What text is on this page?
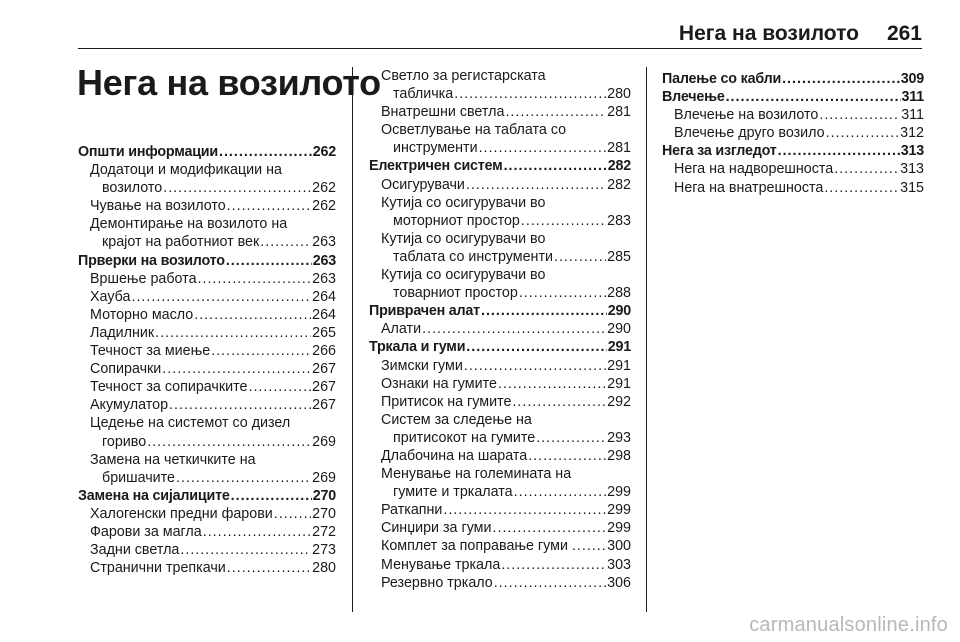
Нега на возилото 261
Нега на возилото
Општи информации .....	262
Додатоци и модификации на
возилото .....	262
Чување на возилото .....	262
Демонтирање на возилото на
крајот на работниот век .....	263
Прверки на возилото .....	263
Вршење работа .....	263
Хауба .....	264
Моторно масло .....	264
Ладилник .....	265
Течност за миење .....	266
Сопирачки .....	267
Течност за сопирачките .....	267
Акумулатор .....	267
Цедење на системот со дизел
гориво .....	269
Замена на четкичките на
бришачите .....	269
Замена на сијалиците .....	270
Халогенски предни фарови .....	270
Фарови за магла .....	272
Задни светла .....	273
Странични трепкачи .....	280
Светло за регистарската
табличка .....	280
Внатрешни светла .....	281
Осветлување на таблата со
инструменти .....	281
Електричен систем .....	282
Осигурувачи .....	282
Кутија со осигурувачи во
моторниот простор .....	283
Кутија со осигурувачи во
таблата со инструменти .....	285
Кутија со осигурувачи во
товарниот простор .....	288
Приврачен алат .....	290
Алати .....	290
Тркала и гуми .....	291
Зимски гуми .....	291
Ознаки на гумите .....	291
Притисок на гумите .....	292
Систем за следење на
притисокот на гумите .....	293
Длабочина на шарата .....	298
Менување на големината на
гумите и тркалата .....	299
Раткапни .....	299
Синџири за гуми .....	299
Комплет за поправање гуми . ..... 300
Менување тркала .....	303
Резервно тркало .....	306
Палење со кабли .....	309
Влечење .....	311
Влечење на возилото .....	311
Влечење друго возило .....	312
Нега за изгледот .....	313
Нега на надворешноста .....	313
Нега на внатрешноста .....	315
carmanualsonline.info
